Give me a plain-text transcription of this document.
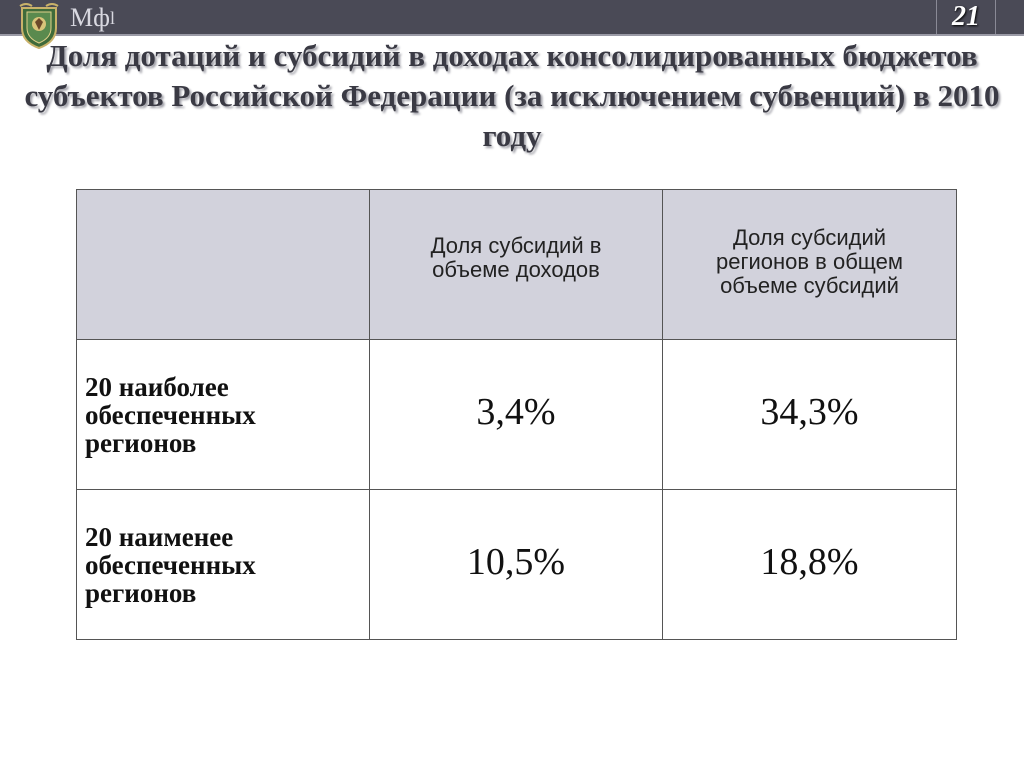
Мфl	21
Доля дотаций и субсидий в доходах консолидированных бюджетов субъектов Российской Федерации (за исключением субвенций) в 2010 году

	Доля субсидий в объеме доходов	Доля субсидий регионов в общем объеме субсидий

20 наиболее обеспеченных регионов	3,4%	34,3%
20 наименее обеспеченных регионов	10,5%	18,8%
